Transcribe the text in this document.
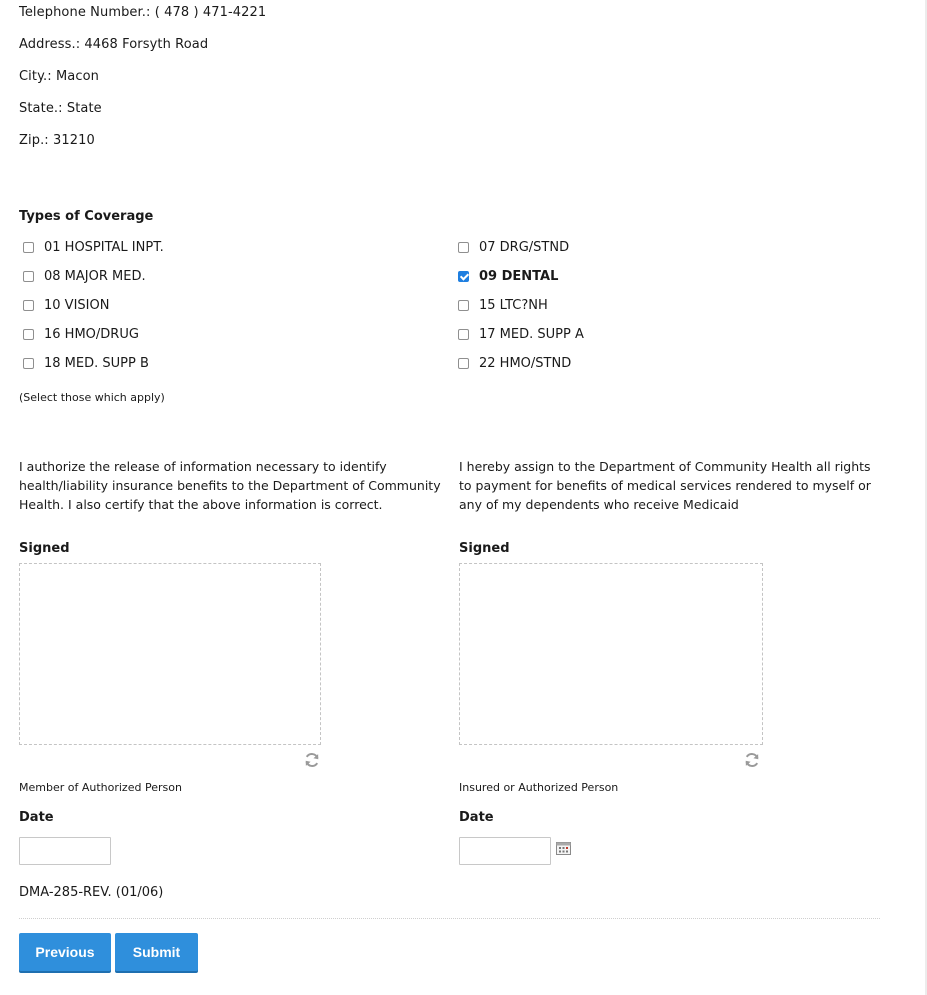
Telephone Number.: ( 478 ) 471-4221
Address.: 4468 Forsyth Road
City.: Macon
State.: State
Zip.: 31210
Types of Coverage
01 HOSPITAL INPT.	07 DRG/STND
08 MAJOR MED.	09 DENTAL
10 VISION	15 LTC?NH
16 HMO/DRUG	17 MED. SUPP A
18 MED. SUPP B	22 HMO/STND
(Select those which apply)
I authorize the release of information necessary to identify health/liability insurance benefits to the Department of Community Health. I also certify that the above information is correct.
I hereby assign to the Department of Community Health all rights to payment for benefits of medical services rendered to myself or any of my dependents who receive Medicaid
Signed
Member of Authorized Person
Date
Signed
Insured or Authorized Person
Date
DMA-285-REV. (01/06)
Previous	Submit
